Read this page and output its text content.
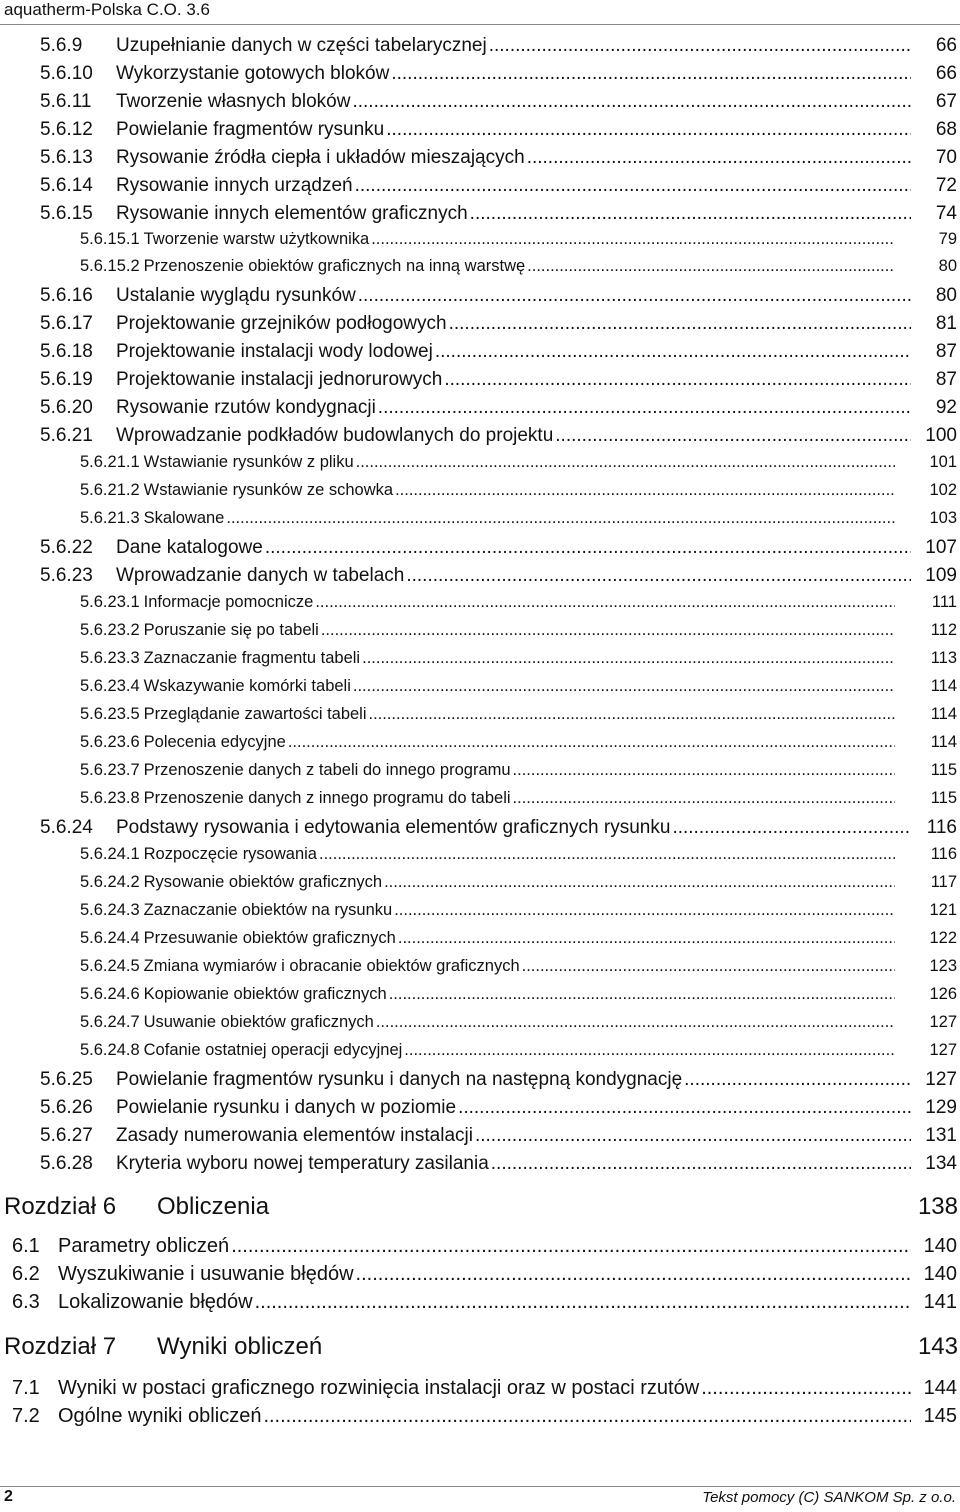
aquatherm-Polska C.O. 3.6
5.6.9	Uzupełnianie danych w części tabelarycznej .....	66
5.6.10	Wykorzystanie gotowych bloków .....	66
5.6.11	Tworzenie własnych bloków .....	67
5.6.12	Powielanie fragmentów rysunku .....	68
5.6.13	Rysowanie źródła ciepła i układów mieszających .....	70
5.6.14	Rysowanie innych urządzeń .....	72
5.6.15	Rysowanie innych elementów graficznych .....	74
5.6.15.1 Tworzenie warstw użytkownika .....	79
5.6.15.2 Przenoszenie obiektów graficznych na inną warstwę .....	80
5.6.16	Ustalanie wyglądu rysunków .....	80
5.6.17	Projektowanie grzejników podłogowych .....	81
5.6.18	Projektowanie instalacji wody lodowej .....	87
5.6.19	Projektowanie instalacji jednorurowych .....	87
5.6.20	Rysowanie rzutów kondygnacji .....	92
5.6.21	Wprowadzanie podkładów budowlanych do projektu .....	100
5.6.21.1 Wstawianie rysunków z pliku .....	101
5.6.21.2 Wstawianie rysunków ze schowka .....	102
5.6.21.3 Skalowane .....	103
5.6.22	Dane katalogowe .....	107
5.6.23	Wprowadzanie danych w tabelach .....	109
5.6.23.1 Informacje pomocnicze .....	111
5.6.23.2 Poruszanie się po tabeli .....	112
5.6.23.3 Zaznaczanie fragmentu tabeli .....	113
5.6.23.4 Wskazywanie komórki tabeli .....	114
5.6.23.5 Przeglądanie zawartości tabeli .....	114
5.6.23.6 Polecenia edycyjne .....	114
5.6.23.7 Przenoszenie danych z tabeli do innego programu .....	115
5.6.23.8 Przenoszenie danych z innego programu do tabeli .....	115
5.6.24	Podstawy rysowania i edytowania elementów graficznych rysunku .....	116
5.6.24.1 Rozpoczęcie rysowania .....	116
5.6.24.2 Rysowanie obiektów graficznych .....	117
5.6.24.3 Zaznaczanie obiektów na rysunku .....	121
5.6.24.4 Przesuwanie obiektów graficznych .....	122
5.6.24.5 Zmiana wymiarów i obracanie obiektów graficznych .....	123
5.6.24.6 Kopiowanie obiektów graficznych .....	126
5.6.24.7 Usuwanie obiektów graficznych .....	127
5.6.24.8 Cofanie ostatniej operacji edycyjnej .....	127
5.6.25	Powielanie fragmentów rysunku i danych na następną kondygnację .....	127
5.6.26	Powielanie rysunku i danych w poziomie .....	129
5.6.27	Zasady numerowania elementów instalacji .....	131
5.6.28	Kryteria wyboru nowej temperatury zasilania .....	134
Rozdział 6	Obliczenia	138
6.1 Parametry obliczeń .....	140
6.2 Wyszukiwanie i usuwanie błędów .....	140
6.3 Lokalizowanie błędów .....	141
Rozdział 7	Wyniki obliczeń	143
7.1 Wyniki w postaci graficznego rozwinięcia instalacji oraz w postaci rzutów .....	144
7.2 Ogólne wyniki obliczeń .....	145
2	Tekst pomocy (C) SANKOM Sp. z o.o.
